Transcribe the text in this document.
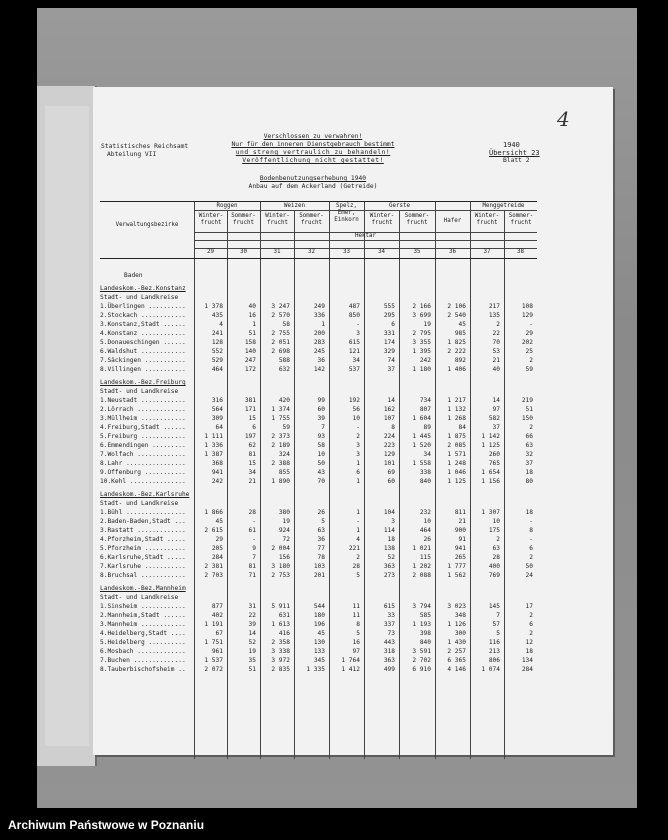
4
Statistisches Reichsamt
Abteilung VII
Verschlossen zu verwahren!
Nur für den inneren Dienstgebrauch bestimmt
und streng vertraulich zu behandeln!
Veröffentlichung nicht gestattet!
1940
Übersicht 23
Blatt 2
Bodenbenutzungserhebung 1940
Anbau auf dem Ackerland (Getreide)
Verwaltungsbezirke
Roggen	Weizen	Spelz, Emer, Einkorn
Gerste
Hafer
Menggetreide
Winter- frucht
Sommer- frucht
Winter- frucht
Sommer- frucht
Winter- frucht
Sommer- frucht
Winter- frucht
Sommer- frucht
Hektar
29	30	31	32	33	34	35	36	37	38
Baden
Landeskom.-Bez.Konstanz
Stadt- und Landkreise
1.Überlingen ..........	1 378	40	3 247	249	487	555	2 166	2 106	217	108
2.Stockach ............	435	16	2 570	336	850	295	3 699	2 540	135	129
3.Konstanz,Stadt ......	4	1	58	1	-	6	19	45	2	-
4.Konstanz ............	241	51	2 755	200	3	331	2 795	985	22	29
5.Donaueschingen ......	128	158	2 051	283	615	174	3 355	1 825	70	202
6.Waldshut ............	552	140	2 698	245	121	329	1 395	2 222	53	25
7.Säckingen ...........	529	247	588	36	34	74	242	892	21	2
8.Villingen ...........	464	172	632	142	537	37	1 180	1 406	40	59
Landeskom.-Bez.Freiburg
Stadt- und Landkreise
1.Neustadt ............	316	381	420	99	192	14	734	1 217	14	219
2.Lörrach .............	564	171	1 374	60	56	162	807	1 132	97	51
3.Müllheim ............	309	15	1 755	39	10	107	1 604	1 268	582	150
4.Freiburg,Stadt ......	64	6	59	7	-	8	89	84	37	2
5.Freiburg ............	1 111	197	2 373	93	2	224	1 445	1 875	1 142	66
6.Emmendingen .........	1 336	62	2 189	58	3	223	1 520	2 085	1 125	63
7.Wolfach .............	1 387	81	324	10	3	129	34	1 571	260	32
8.Lahr ................	368	15	2 388	50	1	101	1 558	1 248	765	37
9.Offenburg ...........	941	34	855	43	6	69	338	1 046	1 654	18
10.Kehl ...............	242	21	1 890	70	1	60	840	1 125	1 156	80
Landeskom.-Bez.Karlsruhe
Stadt- und Landkreise
1.Bühl ................	1 866	28	380	26	1	104	232	811	1 307	18
2.Baden-Baden,Stadt ...	45	-	19	5	-	3	10	21	10	-
3.Rastatt .............	2 615	61	924	63	1	114	464	900	175	8
4.Pforzheim,Stadt .....	29	-	72	36	4	18	26	91	2	-
5.Pforzheim ...........	205	9	2 004	77	221	138	1 021	941	63	6
6.Karlsruhe,Stadt .....	284	7	156	78	2	52	115	265	28	2
7.Karlsruhe ...........	2 381	81	3 180	103	28	363	1 202	1 777	400	50
8.Bruchsal ............	2 703	71	2 753	201	5	273	2 088	1 562	769	24
Landeskom.-Bez.Mannheim
Stadt- und Landkreise
1.Sinsheim ............	877	31	5 911	544	11	615	3 794	3 023	145	17
2.Mannheim,Stadt ......	402	22	631	180	11	33	585	348	7	2
3.Mannheim ............	1 191	39	1 613	196	8	337	1 193	1 126	57	6
4.Heidelberg,Stadt ....	67	14	416	45	5	73	398	300	5	2
5.Heidelberg ..........	1 751	52	2 358	130	16	443	840	1 430	116	12
6.Mosbach .............	961	19	3 338	133	97	318	3 591	2 257	213	18
7.Buchen ..............	1 537	35	3 972	345	1 764	363	2 702	6 365	806	134
8.Tauberbischofsheim ..	2 072	51	2 835	1 335	1 412	499	6 910	4 146	1 074	284
Archiwum Państwowe w Poznaniu
